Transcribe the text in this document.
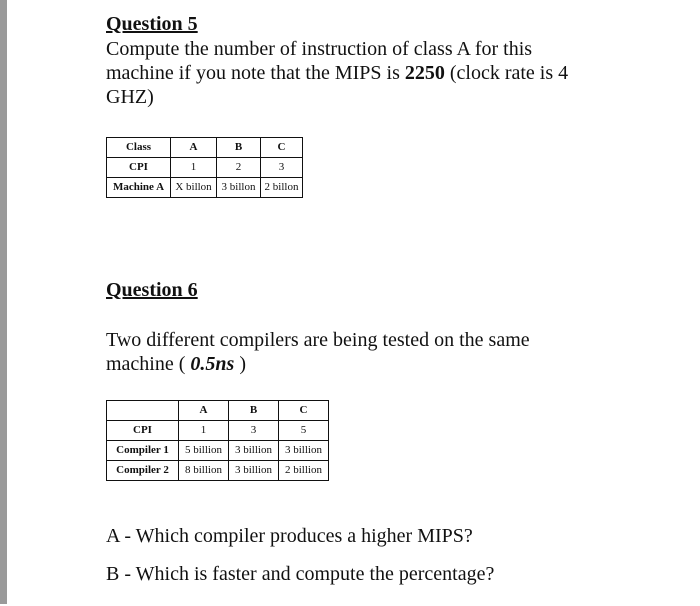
Question 5

Compute the number of instruction of class A for this machine if you note that the MIPS is 2250 (clock rate is 4 GHZ)

Class	A	B	C
CPI	1	2	3
Machine A	X billon	3 billon	2 billon
Question 6

Two different compilers are being tested on the same machine ( 0.5ns )

	A	B	C
CPI	1	3	5
Compiler 1	5 billion	3 billion	3 billion
Compiler 2	8 billion	3 billion	2 billion

A - Which compiler produces a higher MIPS?

B - Which is faster and compute the percentage?
